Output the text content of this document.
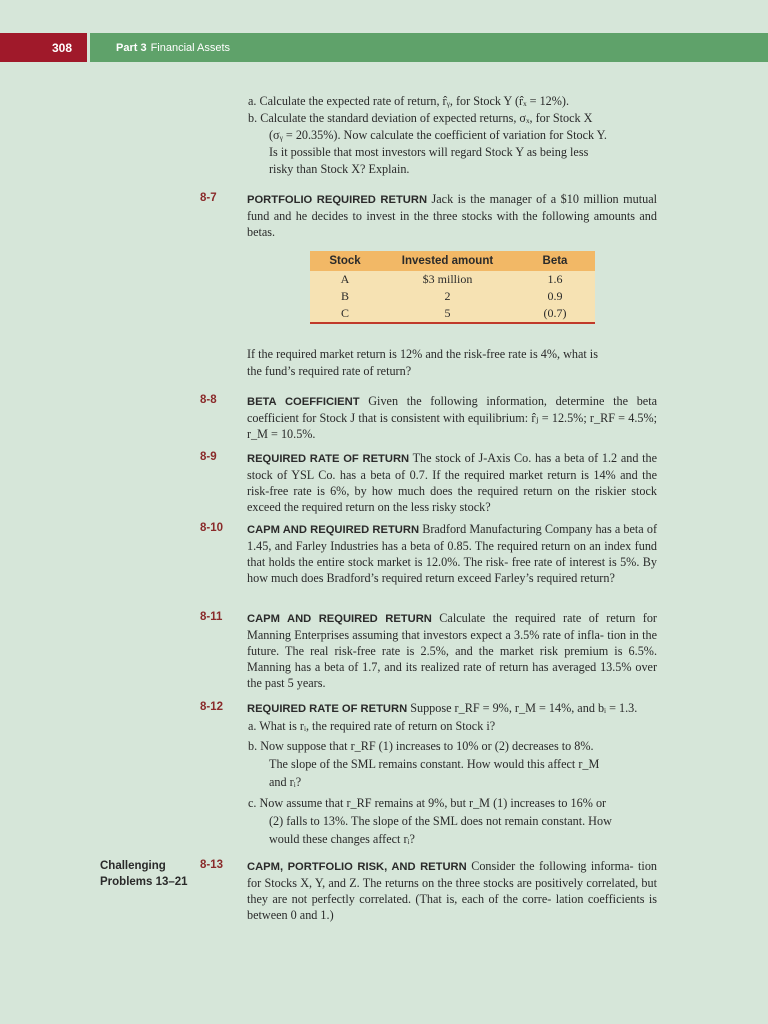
308	Part 3 Financial Assets
a. Calculate the expected rate of return, r̂ᵧ, for Stock Y (r̂ₓ = 12%).
b. Calculate the standard deviation of expected returns, σₓ, for Stock X
(σᵧ = 20.35%). Now calculate the coefficient of variation for Stock Y.
Is it possible that most investors will regard Stock Y as being less
risky than Stock X? Explain.
8-7	PORTFOLIO REQUIRED RETURN Jack is the manager of a $10 million mutual fund and he decides to invest in the three stocks with the following amounts and betas.
Stock	Invested amount	Beta
A	$3 million	1.6
B	2	0.9
C	5	(0.7)
If the required market return is 12% and the risk-free rate is 4%, what is
the fund’s required rate of return?
8-8	BETA COEFFICIENT Given the following information, determine the beta coefficient for Stock J that is consistent with equilibrium: r̂ⱼ = 12.5%; r_RF = 4.5%; r_M = 10.5%.
8-9	REQUIRED RATE OF RETURN The stock of J-Axis Co. has a beta of 1.2 and the stock of YSL Co. has a beta of 0.7. If the required market return is 14% and the risk-free rate is 6%, by how much does the required return on the riskier stock exceed the required return on the less risky stock?
8-10 CAPM AND REQUIRED RETURN Bradford Manufacturing Company has a beta of 1.45, and Farley Industries has a beta of 0.85. The required return on an index fund that holds the entire stock market is 12.0%. The risk- free rate of interest is 5%. By how much does Bradford’s required return exceed Farley’s required return?
8-11 CAPM AND REQUIRED RETURN Calculate the required rate of return for Manning Enterprises assuming that investors expect a 3.5% rate of infla- tion in the future. The real risk-free rate is 2.5%, and the market risk premium is 6.5%. Manning has a beta of 1.7, and its realized rate of return has averaged 13.5% over the past 5 years.
8-12 REQUIRED RATE OF RETURN Suppose r_RF = 9%, r_M = 14%, and bᵢ = 1.3.
a. What is rᵢ, the required rate of return on Stock i?
b. Now suppose that r_RF (1) increases to 10% or (2) decreases to 8%.
The slope of the SML remains constant. How would this affect r_M
and rᵢ?
c. Now assume that r_RF remains at 9%, but r_M (1) increases to 16% or
(2) falls to 13%. The slope of the SML does not remain constant. How
would these changes affect rᵢ?
Challenging
Problems 13–21
8-13 CAPM, PORTFOLIO RISK, AND RETURN Consider the following informa- tion for Stocks X, Y, and Z. The returns on the three stocks are positively correlated, but they are not perfectly correlated. (That is, each of the corre- lation coefficients is between 0 and 1.)
